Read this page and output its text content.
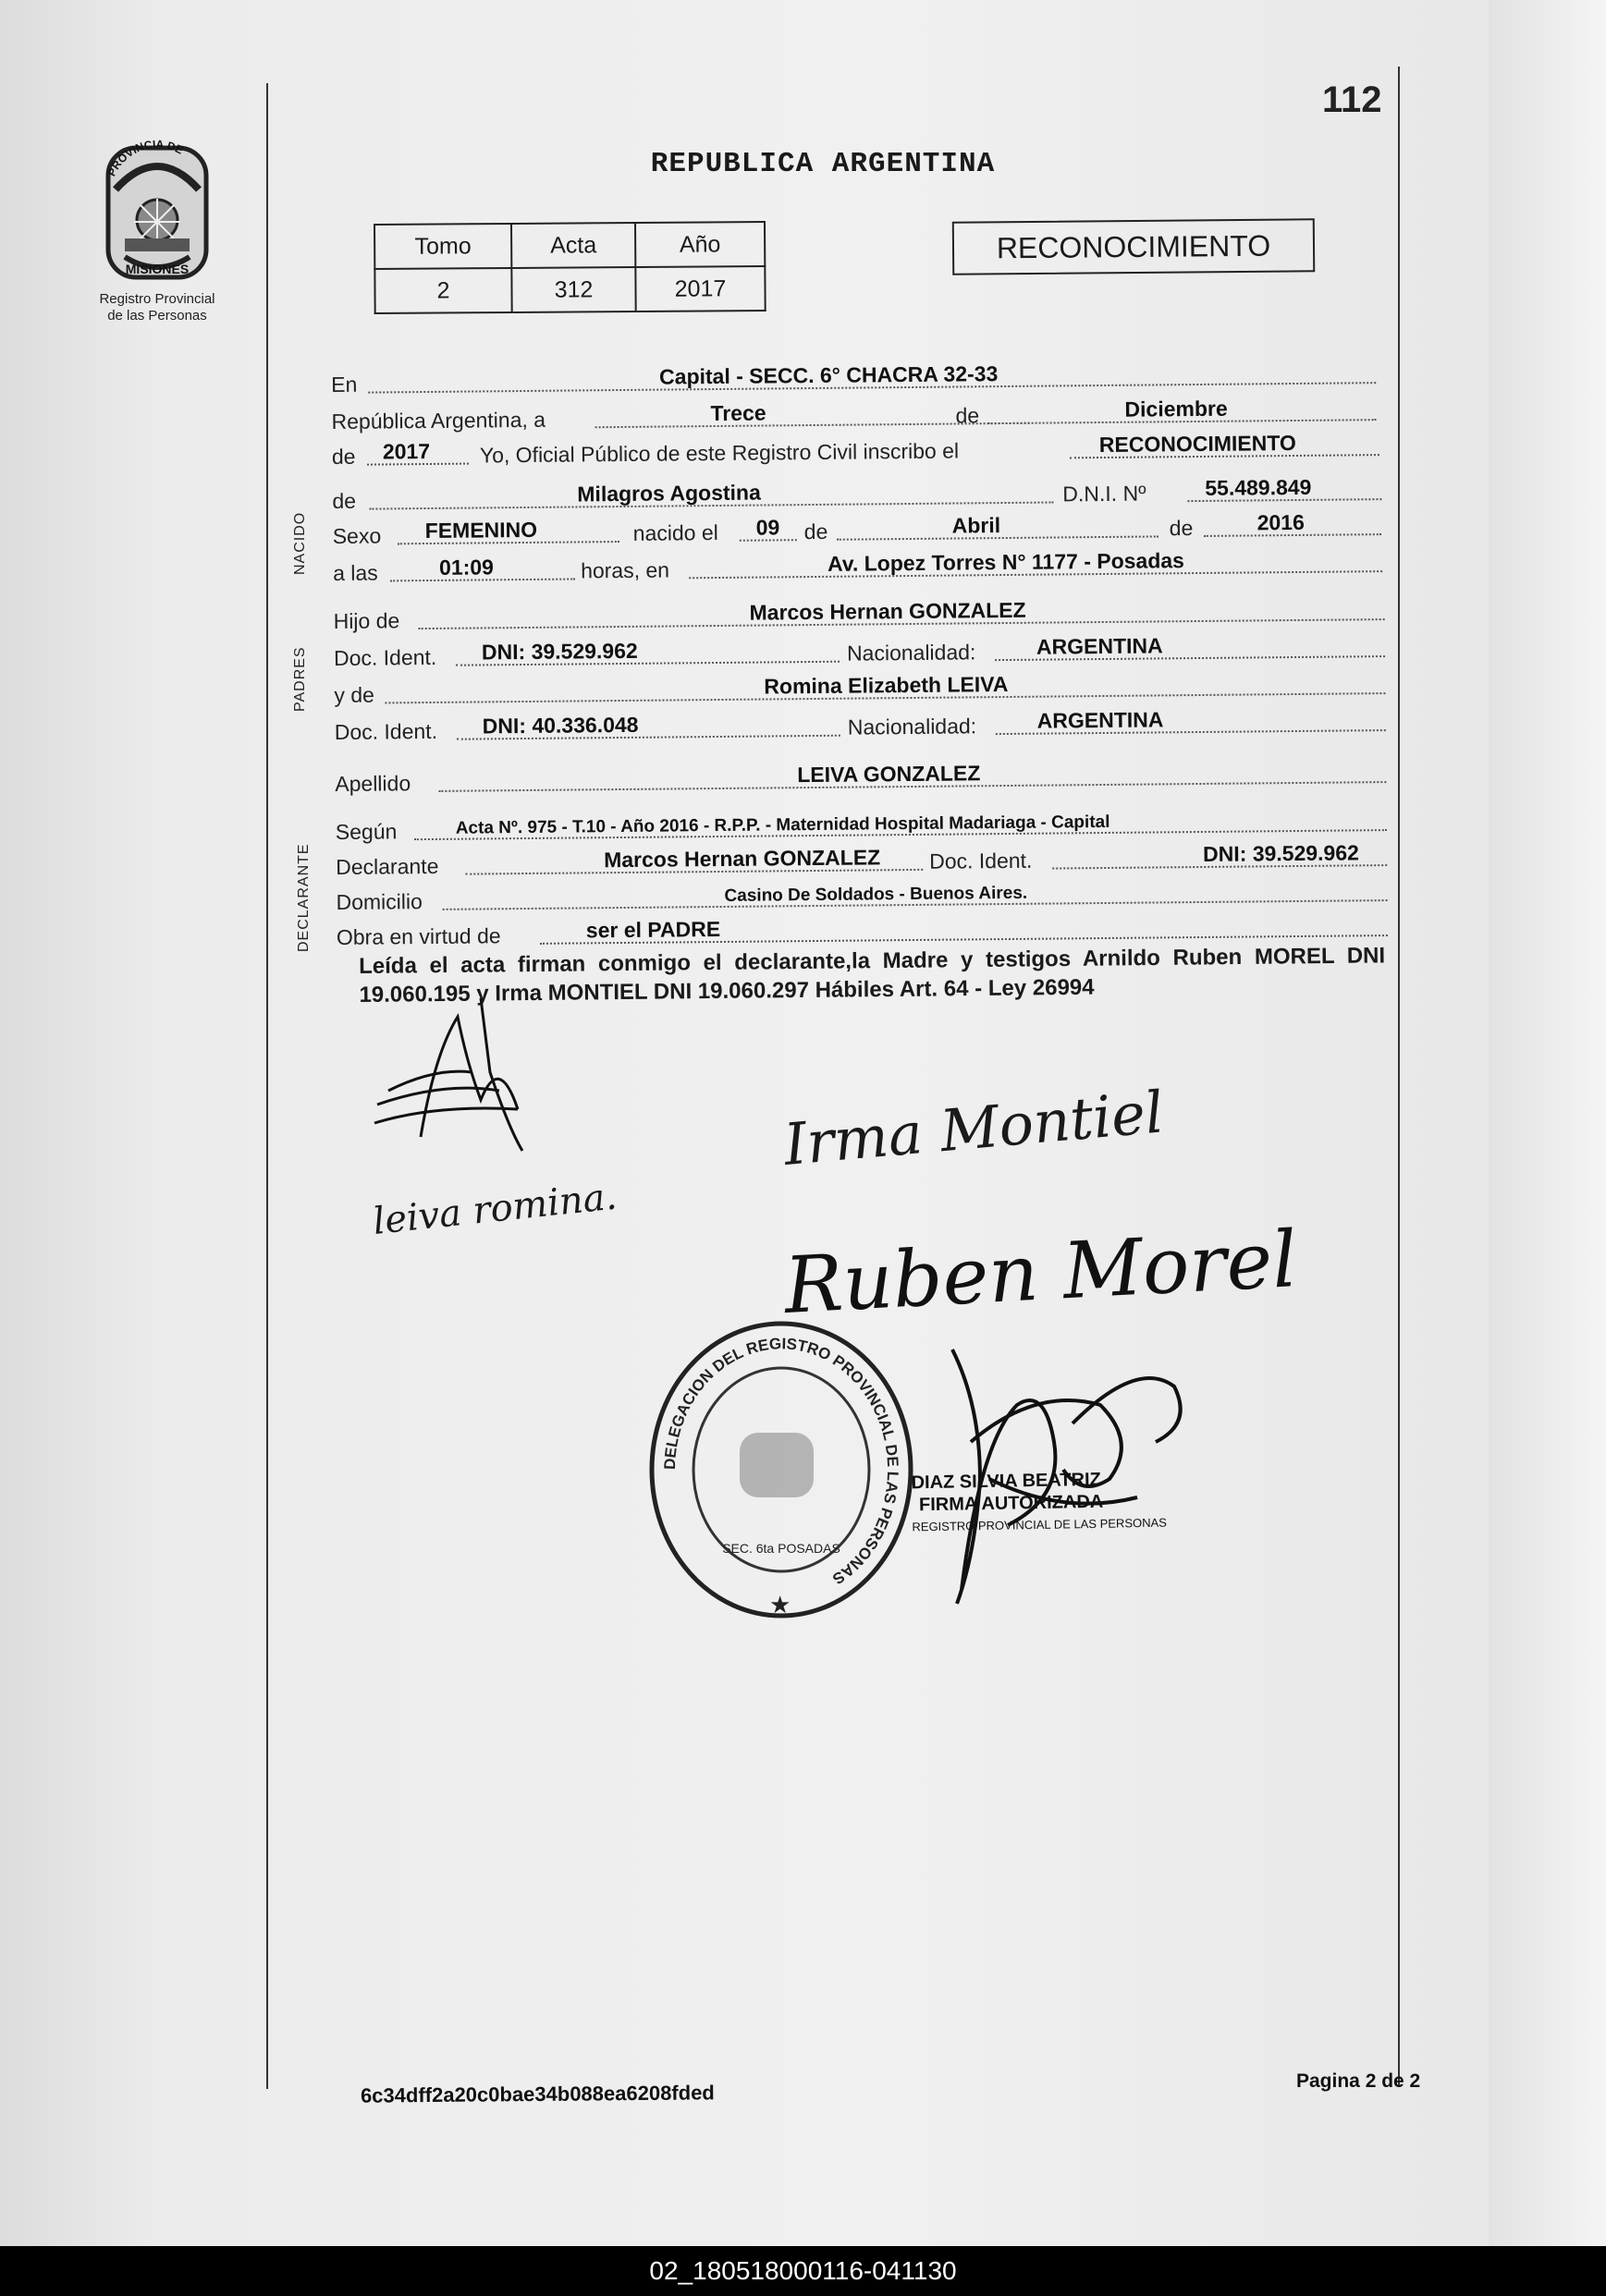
112
PROVINCIA DE
MISIONES
Registro Provincial
de las Personas
REPUBLICA ARGENTINA
Tomo	Acta	Año
2	312	2017
RECONOCIMIENTO
NACIDO
PADRES
DECLARANTE
En	Capital - SECC. 6° CHACRA 32-33
República Argentina, a	Trece	de	Diciembre
de 2017 Yo, Oficial Público de este Registro Civil inscribo el	RECONOCIMIENTO
de	Milagros Agostina	D.N.I. Nº	55.489.849
Sexo FEMENINO	nacido el 09 de	Abril	de	2016
a las	01:09	horas, en	Av. Lopez Torres N° 1177 - Posadas
Hijo de	Marcos Hernan GONZALEZ
Doc. Ident. DNI: 39.529.962	Nacionalidad:	ARGENTINA
y de	Romina Elizabeth LEIVA
Doc. Ident. DNI: 40.336.048	Nacionalidad:	ARGENTINA
Apellido	LEIVA GONZALEZ
Según	Acta Nº. 975 - T.10 - Año 2016 - R.P.P. - Maternidad Hospital Madariaga - Capital
Declarante	Marcos Hernan GONZALEZ Doc. Ident.	DNI: 39.529.962
Domicilio	Casino De Soldados - Buenos Aires.
Obra en virtud de	ser el PADRE
Leída el acta firman conmigo el declarante,la Madre y testigos Arnildo Ruben MOREL DNI 19.060.195 y Irma MONTIEL DNI 19.060.297 Hábiles Art. 64 - Ley 26994
Irma Montiel
leiva romina.
Ruben Morel
DELEGACION DEL REGISTRO PROVINCIAL DE LAS PERSONAS
SEC. 6ta POSADAS
★
DIAZ SILVIA BEATRIZ
FIRMA AUTORIZADA
REGISTRO PROVINCIAL DE LAS PERSONAS
6c34dff2a20c0bae34b088ea6208fded	Pagina 2 de 2
02_180518000116-041130
